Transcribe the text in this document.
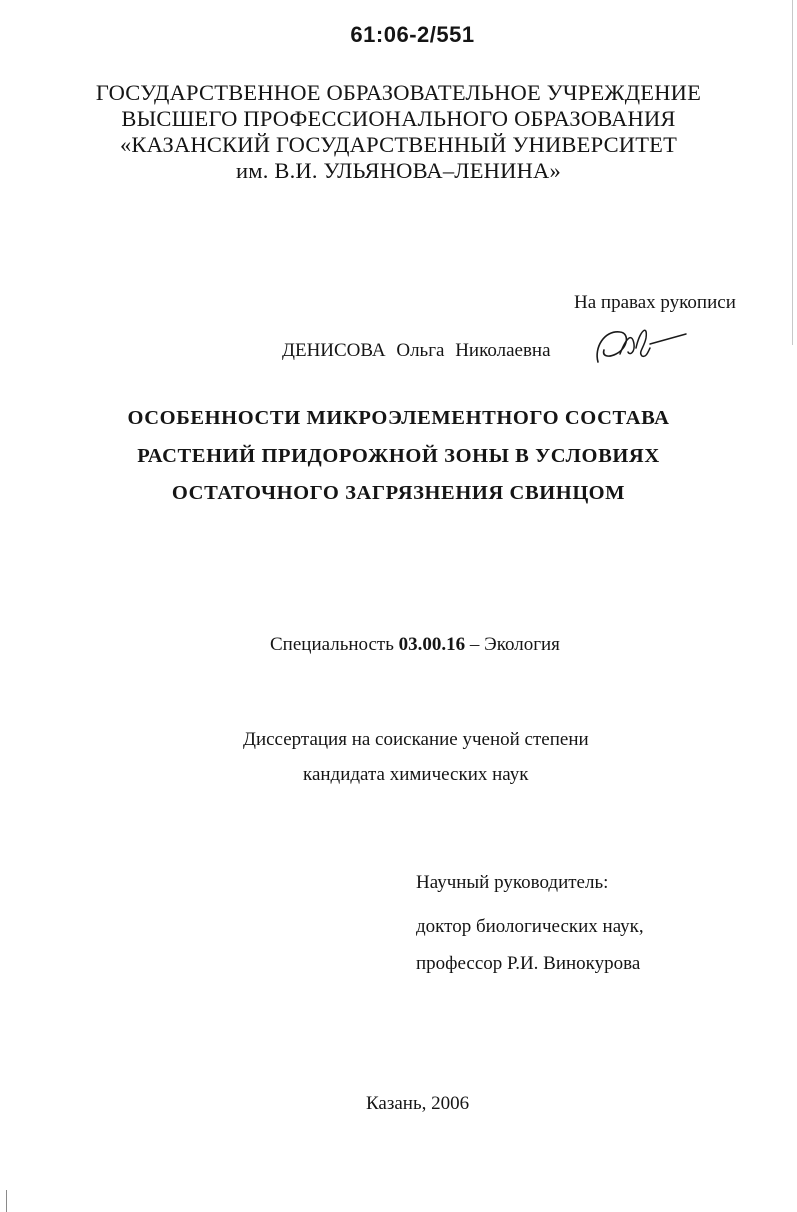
61:06-2/551
ГОСУДАРСТВЕННОЕ ОБРАЗОВАТЕЛЬНОЕ УЧРЕЖДЕНИЕ
ВЫСШЕГО ПРОФЕССИОНАЛЬНОГО ОБРАЗОВАНИЯ
«КАЗАНСКИЙ ГОСУДАРСТВЕННЫЙ УНИВЕРСИТЕТ
им. В.И. УЛЬЯНОВА–ЛЕНИНА»
На правах рукописи
ДЕНИСОВА Ольга Николаевна
ОСОБЕННОСТИ МИКРОЭЛЕМЕНТНОГО СОСТАВА
РАСТЕНИЙ ПРИДОРОЖНОЙ ЗОНЫ В УСЛОВИЯХ
ОСТАТОЧНОГО ЗАГРЯЗНЕНИЯ СВИНЦОМ
Специальность 03.00.16 – Экология
Диссертация на соискание ученой степени
кандидата химических наук
Научный руководитель:
доктор биологических наук,
профессор Р.И. Винокурова
Казань, 2006
